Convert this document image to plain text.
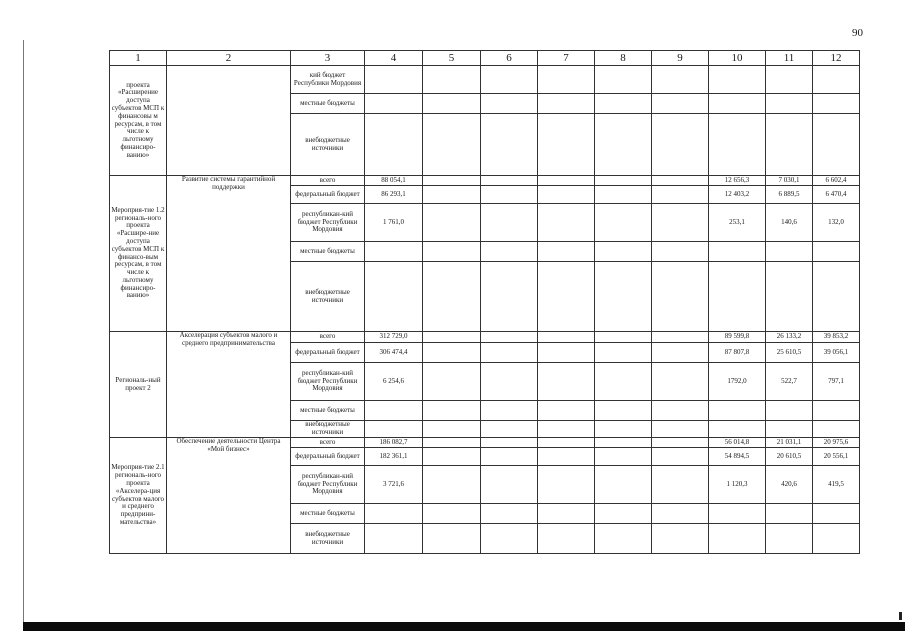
90
1	2	3	4	5	6	7	8	9	10	11	12
проекта «Расширение доступа субъектов МСП к финансовы м ресурсам, в том числе к льготному финансиро-ванию»		кий бюджет Республики Мордовия									
		местные бюджеты									
		внебюджетные источники									
Мероприя-тие 1.2 региональ-ного проекта «Расшире-ние доступа субъектов МСП к финансо-вым ресурсам, в том числе к льготному финансиро-ванию»	Развитие системы гарантийной поддержки	всего	88 054,1						12 656,3	7 030,1	6 602,4
		федеральный бюджет	86 293,1						12 403,2	6 889,5	6 470,4
		республикан-кий бюджет Республики Мордовия	1 761,0						253,1	140,6	132,0
		местные бюджеты									
		внебюджетные источники									
Региональ-ный проект 2	Акселерация субъектов малого и среднего предпринимательства	всего	312 729,0						89 599,8	26 133,2	39 853,2
		федеральный бюджет	306 474,4						87 807,8	25 610,5	39 056,1
		республикан-кий бюджет Республики Мордовия	6 254,6						1792,0	522,7	797,1
		местные бюджеты									
		внебюджетные источники									
Мероприя-тие 2.1 региональ-ного проекта «Акселера-ция субъектов малого и среднего предприни-мательства»	Обеспечение деятельности Центра «Мой бизнес»	всего	186 082,7						56 014,8	21 031,1	20 975,6
		федеральный бюджет	182 361,1						54 894,5	20 610,5	20 556,1
		республикан-кий бюджет Республики Мордовия	3 721,6						1 120,3	420,6	419,5
		местные бюджеты									
		внебюджетные источники									
